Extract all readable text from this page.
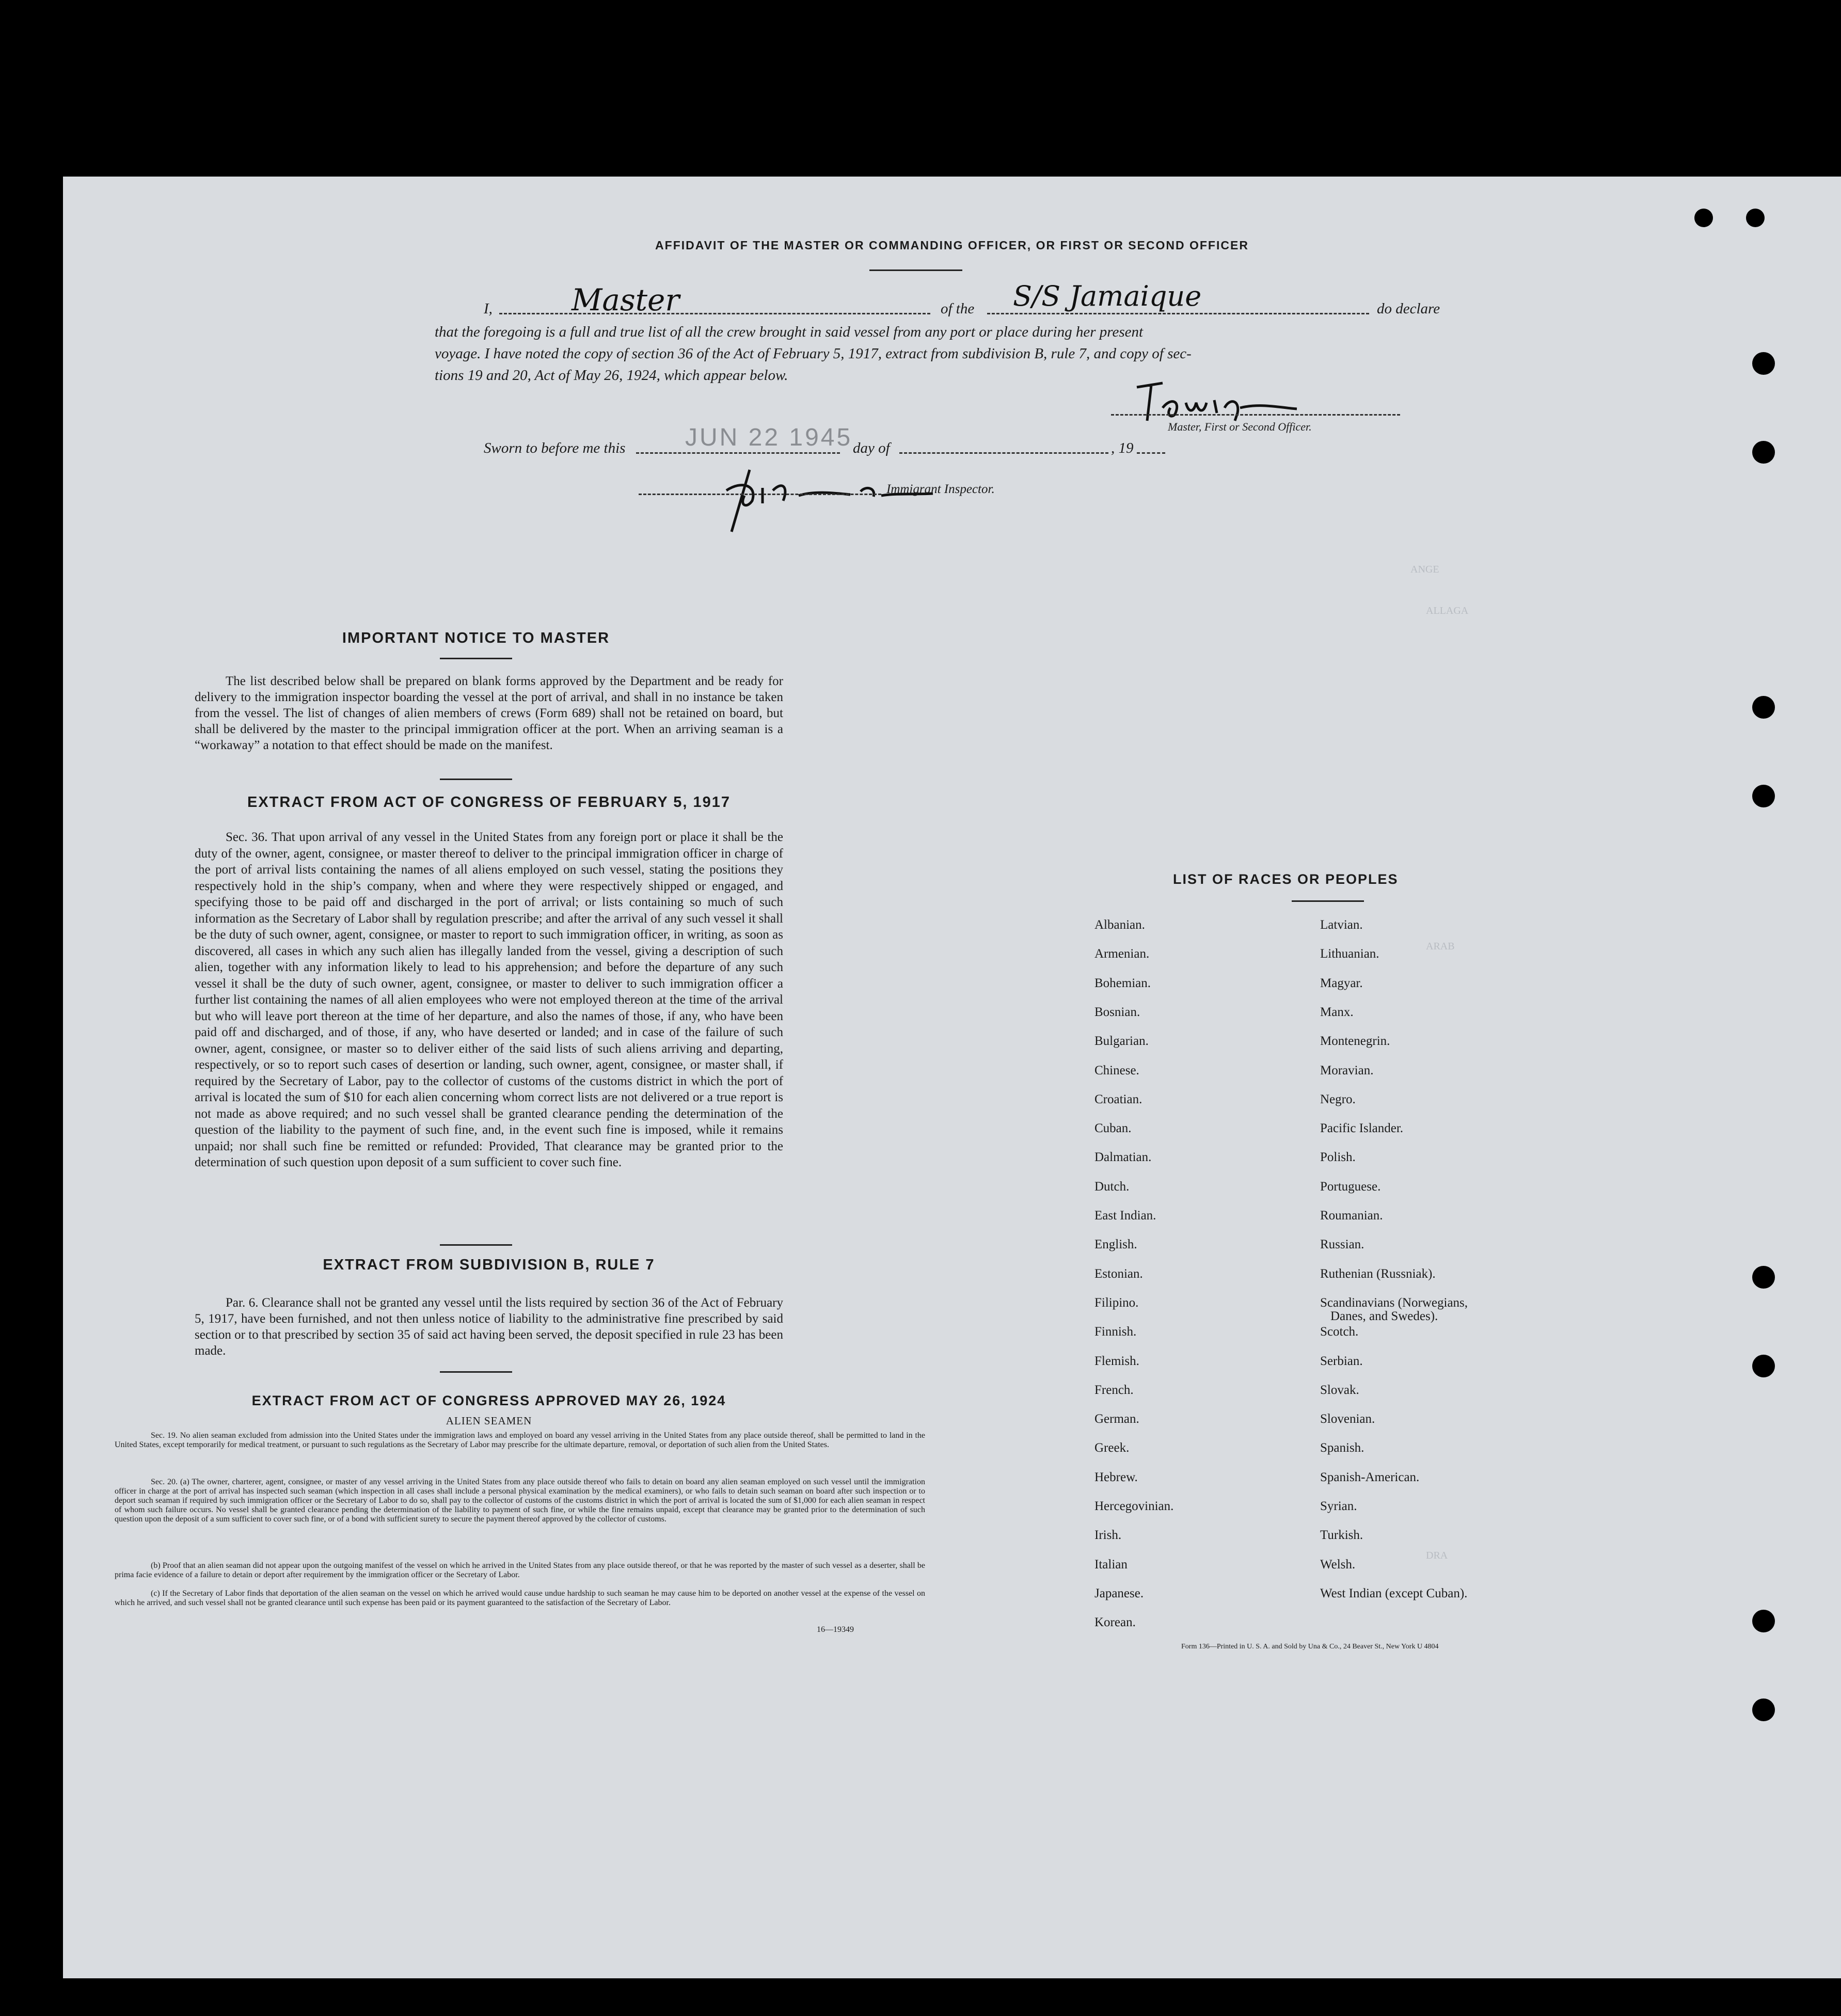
ANGE
ALLAGA
ARAB
DRA
AFFIDAVIT OF THE MASTER OR COMMANDING OFFICER, OR FIRST OR SECOND OFFICER
I,	Master	of the S/S Jamaique	do declare
that the foregoing is a full and true list of all the crew brought in said vessel from any port or place during her present
voyage. I have noted the copy of section 36 of the Act of February 5, 1917, extract from subdivision B, rule 7, and copy of sec-
tions 19 and 20, Act of May 26, 1924, which appear below.
Master, First or Second Officer.
Sworn to before me this JUN 22 1945 day of	, 19
Immigrant Inspector.
IMPORTANT NOTICE TO MASTER
The list described below shall be prepared on blank forms approved by the Department and be ready for delivery to the immigration inspector boarding the vessel at the port of arrival, and shall in no instance be taken from the vessel. The list of changes of alien members of crews (Form 689) shall not be retained on board, but shall be delivered by the master to the principal immigration officer at the port. When an arriving seaman is a “workaway” a notation to that effect should be made on the manifest.
EXTRACT FROM ACT OF CONGRESS OF FEBRUARY 5, 1917
Sec. 36. That upon arrival of any vessel in the United States from any foreign port or place it shall be the duty of the owner, agent, consignee, or master thereof to deliver to the principal immigration officer in charge of the port of arrival lists containing the names of all aliens employed on such vessel, stating the positions they respectively hold in the ship’s company, when and where they were respectively shipped or engaged, and specifying those to be paid off and discharged in the port of arrival; or lists containing so much of such information as the Secretary of Labor shall by regulation prescribe; and after the arrival of any such vessel it shall be the duty of such owner, agent, consignee, or master to report to such immigration officer, in writing, as soon as discovered, all cases in which any such alien has illegally landed from the vessel, giving a description of such alien, together with any information likely to lead to his apprehension; and before the departure of any such vessel it shall be the duty of such owner, agent, consignee, or master to deliver to such immigration officer a further list containing the names of all alien employees who were not employed thereon at the time of the arrival but who will leave port thereon at the time of her departure, and also the names of those, if any, who have been paid off and discharged, and of those, if any, who have deserted or landed; and in case of the failure of such owner, agent, consignee, or master so to deliver either of the said lists of such aliens arriving and departing, respectively, or so to report such cases of desertion or landing, such owner, agent, consignee, or master shall, if required by the Secretary of Labor, pay to the collector of customs of the customs district in which the port of arrival is located the sum of $10 for each alien concerning whom correct lists are not delivered or a true report is not made as above required; and no such vessel shall be granted clearance pending the determination of the question of the liability to the payment of such fine, and, in the event such fine is imposed, while it remains unpaid; nor shall such fine be remitted or refunded: Provided, That clearance may be granted prior to the determination of such question upon deposit of a sum sufficient to cover such fine.
EXTRACT FROM SUBDIVISION B, RULE 7
Par. 6. Clearance shall not be granted any vessel until the lists required by section 36 of the Act of February 5, 1917, have been furnished, and not then unless notice of liability to the administrative fine prescribed by said section or to that prescribed by section 35 of said act having been served, the deposit specified in rule 23 has been made.
EXTRACT FROM ACT OF CONGRESS APPROVED MAY 26, 1924
ALIEN SEAMEN
Sec. 19. No alien seaman excluded from admission into the United States under the immigration laws and employed on board any vessel arriving in the United States from any place outside thereof, shall be permitted to land in the United States, except temporarily for medical treatment, or pursuant to such regulations as the Secretary of Labor may prescribe for the ultimate departure, removal, or deportation of such alien from the United States.
Sec. 20. (a) The owner, charterer, agent, consignee, or master of any vessel arriving in the United States from any place outside thereof who fails to detain on board any alien seaman employed on such vessel until the immigration officer in charge at the port of arrival has inspected such seaman (which inspection in all cases shall include a personal physical examination by the medical examiners), or who fails to detain such seaman on board after such inspection or to deport such seaman if required by such immigration officer or the Secretary of Labor to do so, shall pay to the collector of customs of the customs district in which the port of arrival is located the sum of $1,000 for each alien seaman in respect of whom such failure occurs. No vessel shall be granted clearance pending the determination of the liability to payment of such fine, or while the fine remains unpaid, except that clearance may be granted prior to the determination of such question upon the deposit of a sum sufficient to cover such fine, or of a bond with sufficient surety to secure the payment thereof approved by the collector of customs.
(b) Proof that an alien seaman did not appear upon the outgoing manifest of the vessel on which he arrived in the United States from any place outside thereof, or that he was reported by the master of such vessel as a deserter, shall be prima facie evidence of a failure to detain or deport after requirement by the immigration officer or the Secretary of Labor.
(c) If the Secretary of Labor finds that deportation of the alien seaman on the vessel on which he arrived would cause undue hardship to such seaman he may cause him to be deported on another vessel at the expense of the vessel on which he arrived, and such vessel shall not be granted clearance until such expense has been paid or its payment guaranteed to the satisfaction of the Secretary of Labor.
16—19349
LIST OF RACES OR PEOPLES
Form 136—Printed in U. S. A. and Sold by Una & Co., 24 Beaver St., New York U 4804
Albanian.
Armenian.
Bohemian.
Bosnian.
Bulgarian.
Chinese.
Croatian.
Cuban.
Dalmatian.
Dutch.
East Indian.
English.
Estonian.
Filipino.
Finnish.
Flemish.
French.
German.
Greek.
Hebrew.
Hercegovinian.
Irish.
Italian
Japanese.
Korean.
Latvian.
Lithuanian.
Magyar.
Manx.
Montenegrin.
Moravian.
Negro.
Pacific Islander.
Polish.
Portuguese.
Roumanian.
Russian.
Ruthenian (Russniak).
Scandinavians (Norwegians,
Danes, and Swedes).
Scotch.
Serbian.
Slovak.
Slovenian.
Spanish.
Spanish-American.
Syrian.
Turkish.
Welsh.
West Indian (except Cuban).
